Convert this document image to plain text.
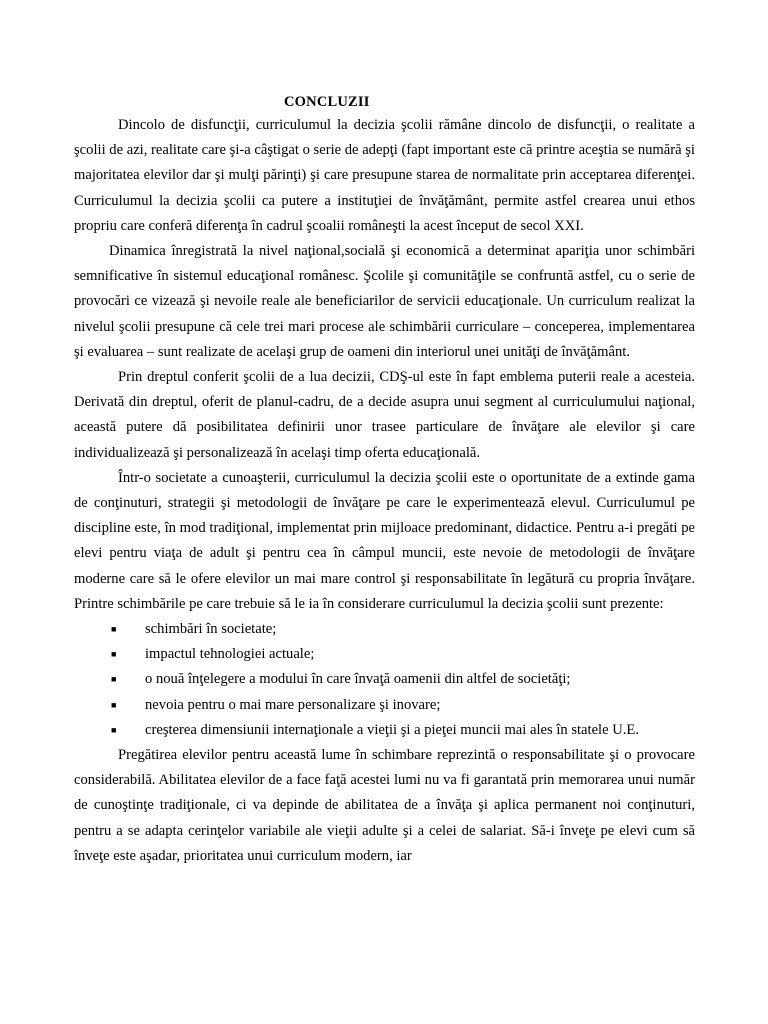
CONCLUZII

Dincolo de disfuncţii, curriculumul la decizia şcolii rămâne dincolo de disfuncţii, o realitate a şcolii de azi, realitate care şi-a câştigat o serie de adepţi (fapt important este că printre aceştia se numără şi majoritatea elevilor dar şi mulţi părinţi) şi care presupune starea de normalitate prin acceptarea diferenţei. Curriculumul la decizia şcolii ca putere a instituţiei de învăţământ, permite astfel crearea unui ethos propriu care conferă diferenţa în cadrul şcoalii româneşti la acest început de secol XXI.

Dinamica înregistrată la nivel naţional,socială şi economică a determinat apariţia unor schimbări semnificative în sistemul educaţional românesc. Şcolile şi comunităţile se confruntă astfel, cu o serie de provocări ce vizează şi nevoile reale ale beneficiarilor de servicii educaţionale. Un curriculum realizat la nivelul şcolii presupune că cele trei mari procese ale schimbării curriculare – conceperea, implementarea şi evaluarea – sunt realizate de acelaşi grup de oameni din interiorul unei unităţi de învăţământ.

Prin dreptul conferit şcolii de a lua decizii, CDŞ-ul este în fapt emblema puterii reale a acesteia. Derivată din dreptul, oferit de planul-cadru, de a decide asupra unui segment al curriculumului naţional, această putere dă posibilitatea definirii unor trasee particulare de învăţare ale elevilor şi care individualizează şi personalizează în acelaşi timp oferta educaţională.

Într-o societate a cunoaşterii, curriculumul la decizia şcolii este o oportunitate de a extinde gama de conţinuturi, strategii şi metodologii de învăţare pe care le experimentează elevul. Curriculumul pe discipline este, în mod tradiţional, implementat prin mijloace predominant, didactice. Pentru a-i pregăti pe elevi pentru viaţa de adult şi pentru cea în câmpul muncii, este nevoie de metodologii de învăţare moderne care să le ofere elevilor un mai mare control şi responsabilitate în legătură cu propria învăţare. Printre schimbările pe care trebuie să le ia în considerare curriculumul la decizia şcolii sunt prezente:

■ schimbări în societate;
■ impactul tehnologiei actuale;
■ o nouă înţelegere a modului în care învaţă oamenii din altfel de societăţi;
■ nevoia pentru o mai mare personalizare şi inovare;
■ creşterea dimensiunii internaţionale a vieţii şi a pieţei muncii mai ales în statele U.E.

Pregătirea elevilor pentru această lume în schimbare reprezintă o responsabilitate şi o provocare considerabilă. Abilitatea elevilor de a face faţă acestei lumi nu va fi garantată prin memorarea unui număr de cunoştinţe tradiţionale, ci va depinde de abilitatea de a învăţa şi aplica permanent noi conţinuturi, pentru a se adapta cerinţelor variabile ale vieţii adulte şi a celei de salariat. Să-i înveţe pe elevi cum să înveţe este aşadar, prioritatea unui curriculum modern, iar
